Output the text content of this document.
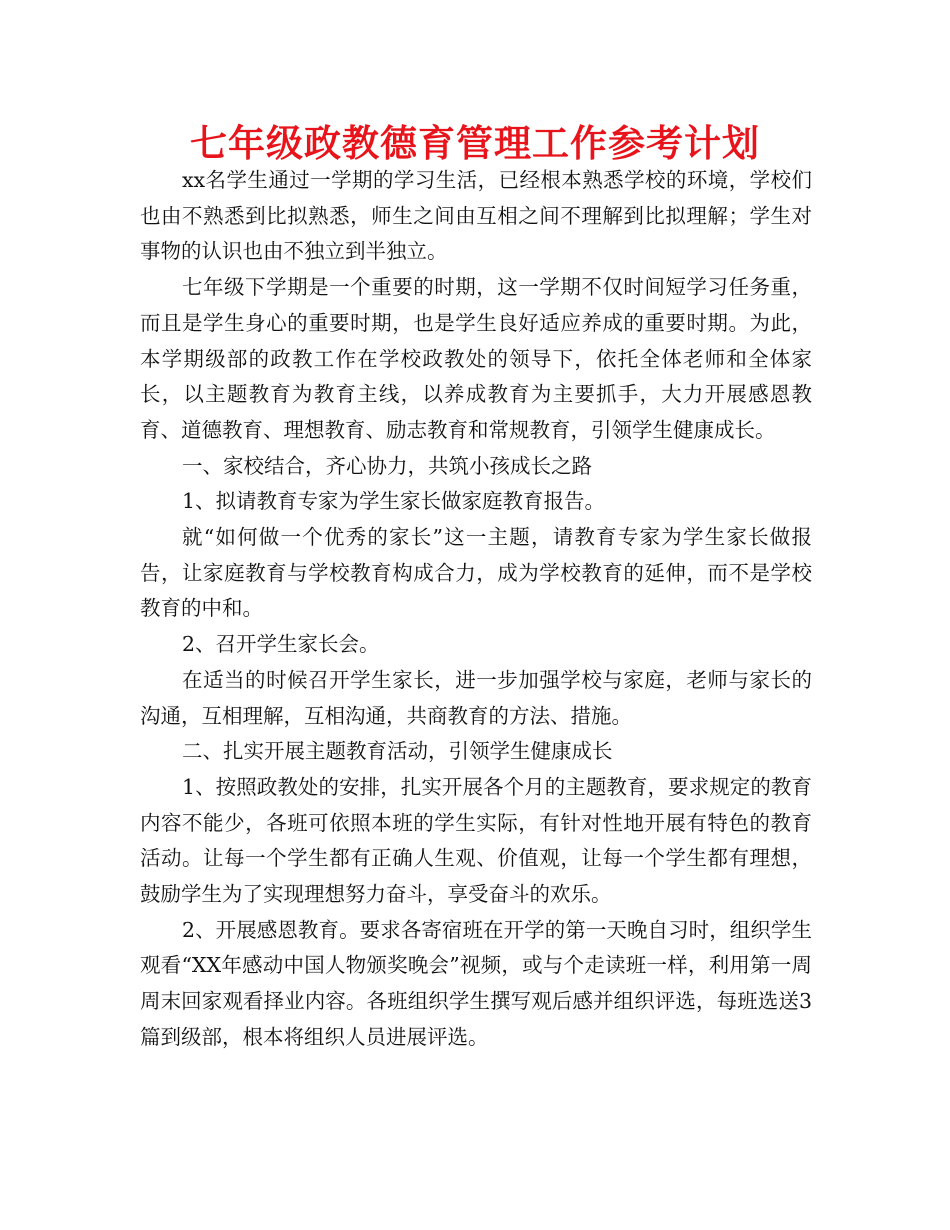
七年级政教德育管理工作参考计划

xx名学生通过一学期的学习生活，已经根本熟悉学校的环境，学校们也由不熟悉到比拟熟悉，师生之间由互相之间不理解到比拟理解；学生对事物的认识也由不独立到半独立。

七年级下学期是一个重要的时期，这一学期不仅时间短学习任务重，而且是学生身心的重要时期，也是学生良好适应养成的重要时期。为此，本学期级部的政教工作在学校政教处的领导下，依托全体老师和全体家长，以主题教育为教育主线，以养成教育为主要抓手，大力开展感恩教育、道德教育、理想教育、励志教育和常规教育，引领学生健康成长。

一、家校结合，齐心协力，共筑小孩成长之路

1、拟请教育专家为学生家长做家庭教育报告。

就“如何做一个优秀的家长”这一主题，请教育专家为学生家长做报告，让家庭教育与学校教育构成合力，成为学校教育的延伸，而不是学校教育的中和。

2、召开学生家长会。

在适当的时候召开学生家长，进一步加强学校与家庭，老师与家长的沟通，互相理解，互相沟通，共商教育的方法、措施。

二、扎实开展主题教育活动，引领学生健康成长

1、按照政教处的安排，扎实开展各个月的主题教育，要求规定的教育内容不能少，各班可依照本班的学生实际，有针对性地开展有特色的教育活动。让每一个学生都有正确人生观、价值观，让每一个学生都有理想，鼓励学生为了实现理想努力奋斗，享受奋斗的欢乐。

2、开展感恩教育。要求各寄宿班在开学的第一天晚自习时，组织学生观看“XX年感动中国人物颁奖晚会”视频，或与个走读班一样，利用第一周周末回家观看择业内容。各班组织学生撰写观后感并组织评选，每班选送3篇到级部，根本将组织人员进展评选。
